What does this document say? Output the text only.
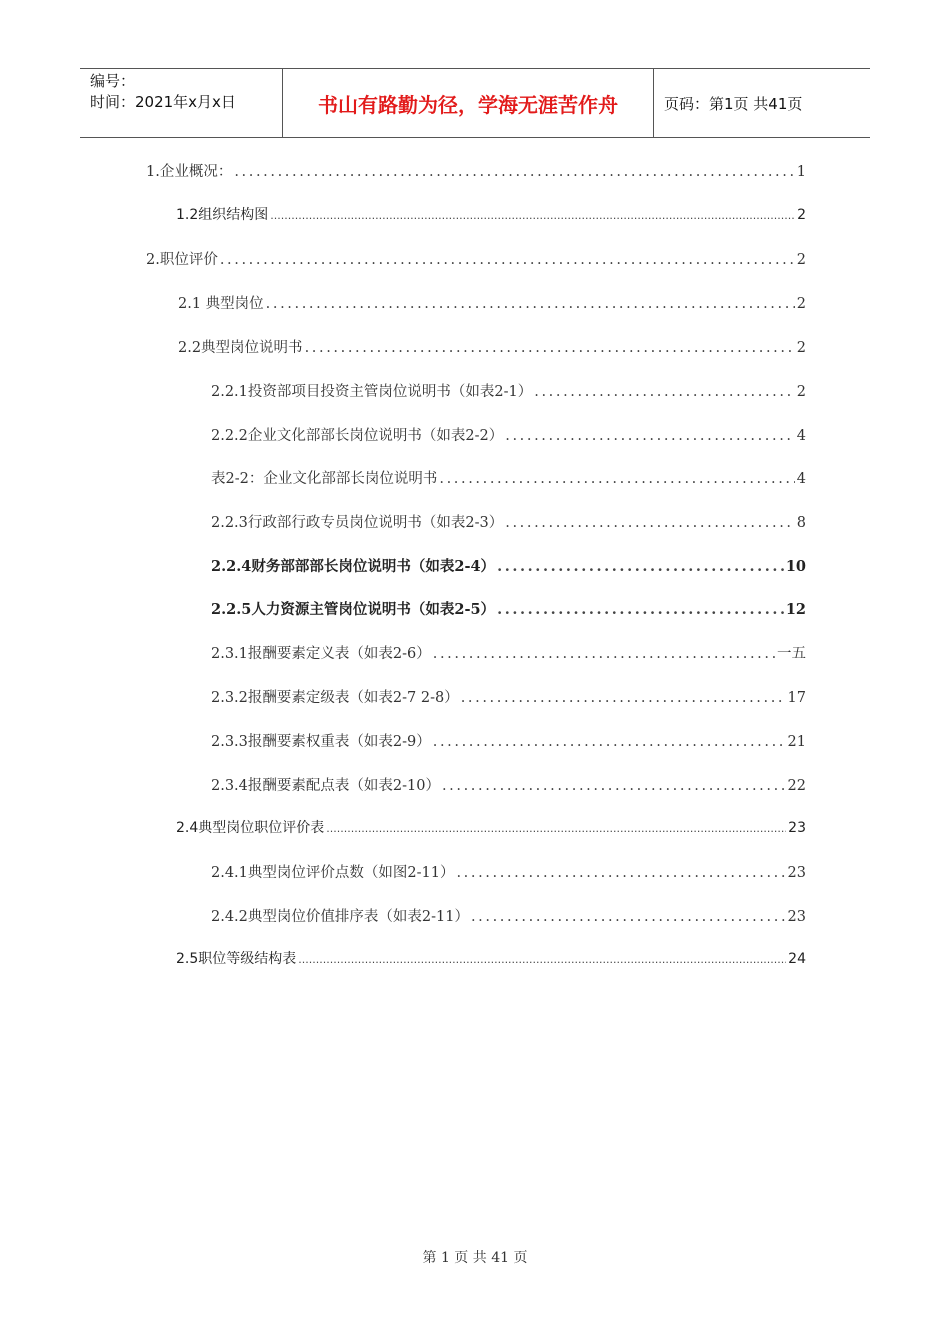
编号：
时间：2021年x月x日	书山有路勤为径，学海无涯苦作舟	页码：第1页 共41页
1.企业概况： .....	1
1.2组织结构图 .....	2
2.职位评价 .....	2
2.1 典型岗位 .....	2
2.2典型岗位说明书 .....	2
2.2.1投资部项目投资主管岗位说明书（如表2-1） .....	2
2.2.2企业文化部部长岗位说明书（如表2-2） .....	4
表2-2：企业文化部部长岗位说明书 .....	4
2.2.3行政部行政专员岗位说明书（如表2-3） .....	8
2.2.4财务部部部长岗位说明书（如表2-4） .....	10
2.2.5人力资源主管岗位说明书（如表2-5） .....	12
2.3.1报酬要素定义表（如表2-6） .....	一五
2.3.2报酬要素定级表（如表2-7 2-8） .....	17
2.3.3报酬要素权重表（如表2-9） .....	21
2.3.4报酬要素配点表（如表2-10） .....	22
2.4典型岗位职位评价表 .....	23
2.4.1典型岗位评价点数（如图2-11） .....	23
2.4.2典型岗位价值排序表（如表2-11） .....	23
2.5职位等级结构表 .....	24
第 1 页 共 41 页
